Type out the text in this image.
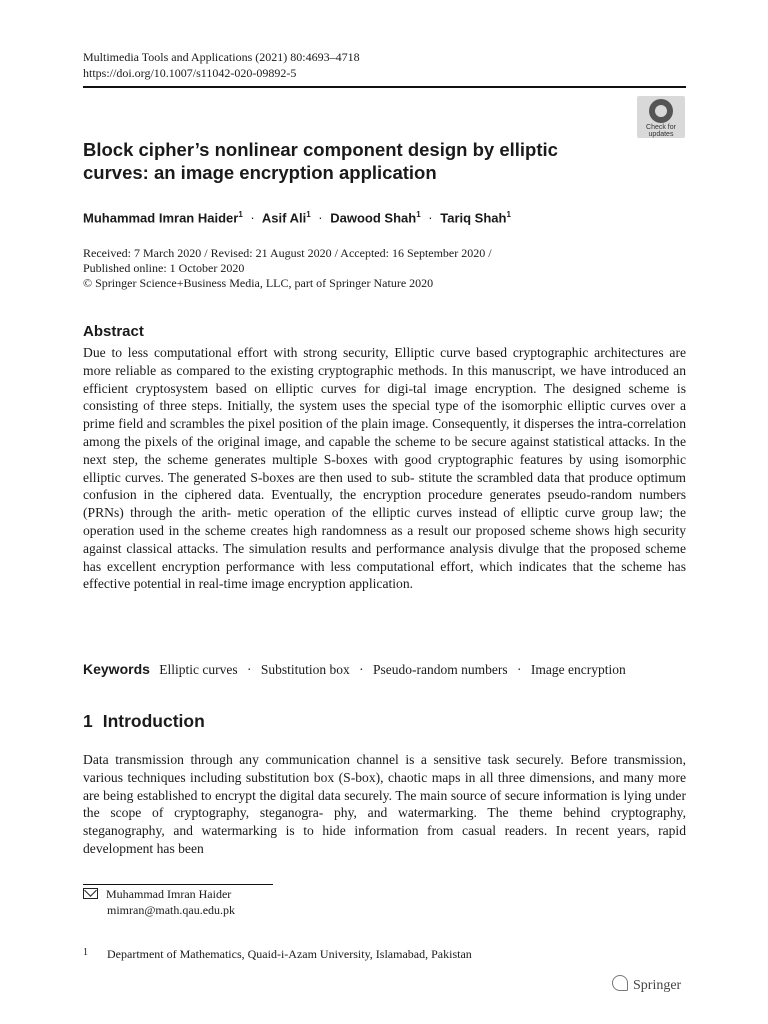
Multimedia Tools and Applications (2021) 80:4693–4718
https://doi.org/10.1007/s11042-020-09892-5
Check for
updates
Block cipher’s nonlinear component design by elliptic curves: an image encryption application
Muhammad Imran Haider$^1$ · Asif Ali$^1$ · Dawood Shah$^1$ · Tariq Shah$^1$
Received: 7 March 2020 / Revised: 21 August 2020 / Accepted: 16 September 2020 /
Published online: 1 October 2020
© Springer Science+Business Media, LLC, part of Springer Nature 2020
Abstract
Due to less computational effort with strong security, Elliptic curve based cryptographic architectures are more reliable as compared to the existing cryptographic methods. In this manuscript, we have introduced an efficient cryptosystem based on elliptic curves for digi-tal image encryption. The designed scheme is consisting of three steps. Initially, the system uses the special type of the isomorphic elliptic curves over a prime field and scrambles the pixel position of the plain image. Consequently, it disperses the intra-correlation among the pixels of the original image, and capable the scheme to be secure against statistical attacks. In the next step, the scheme generates multiple S-boxes with good cryptographic features by using isomorphic elliptic curves. The generated S-boxes are then used to sub- stitute the scrambled data that produce optimum confusion in the ciphered data. Eventually, the encryption procedure generates pseudo-random numbers (PRNs) through the arith- metic operation of the elliptic curves instead of elliptic curve group law; the operation used in the scheme creates high randomness as a result our proposed scheme shows high security against classical attacks. The simulation results and performance analysis divulge that the proposed scheme has excellent encryption performance with less computational effort, which indicates that the scheme has effective potential in real-time image encryption application.
Keywords Elliptic curves · Substitution box · Pseudo-random numbers · Image encryption
1 Introduction
Data transmission through any communication channel is a sensitive task securely. Before transmission, various techniques including substitution box (S-box), chaotic maps in all three dimensions, and many more are being established to encrypt the digital data securely. The main source of secure information is lying under the scope of cryptography, steganogra- phy, and watermarking. The theme behind cryptography, steganography, and watermarking is to hide information from casual readers. In recent years, rapid development has been
Muhammad Imran Haider
mimran@math.qau.edu.pk
1 Department of Mathematics, Quaid-i-Azam University, Islamabad, Pakistan
Springer
